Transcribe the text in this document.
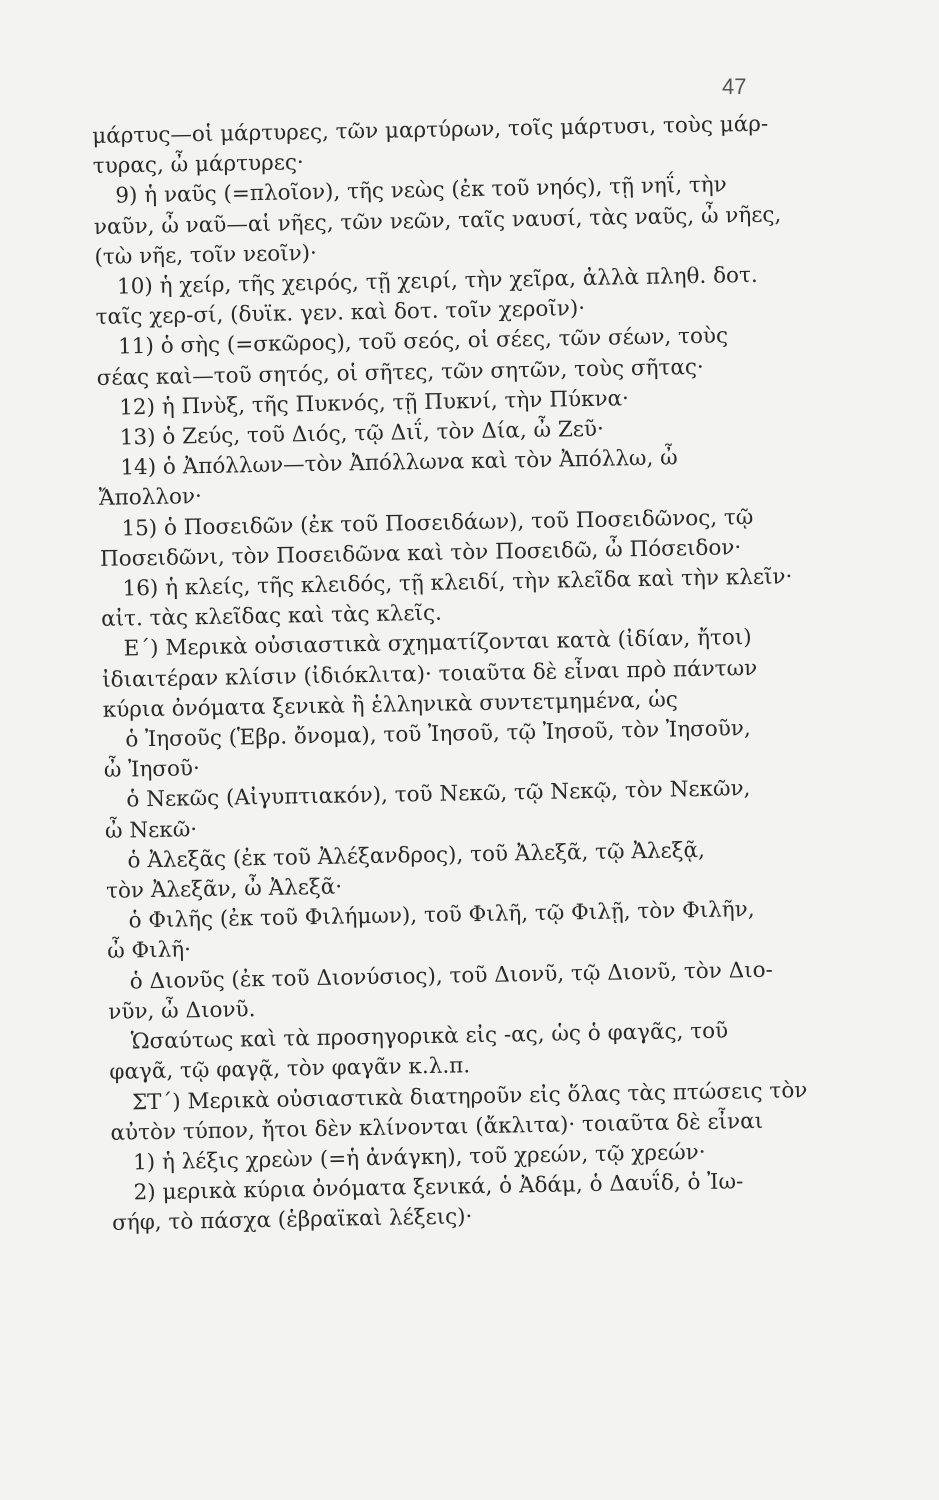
47
μάρτυς—οἱ μάρτυρες, τῶν μαρτύρων, τοῖς μάρτυσι, τοὺς μάρ-
τυρας, ὦ μάρτυρες·
9) ἡ ναῦς (=πλοῖον), τῆς νεὼς (ἐκ τοῦ νηός), τῇ νηΐ, τὴν
ναῦν, ὦ ναῦ—αἱ νῆες, τῶν νεῶν, ταῖς ναυσί, τὰς ναῦς, ὦ νῆες,
(τὼ νῆε, τοῖν νεοῖν)·
10) ἡ χείρ, τῆς χειρός, τῇ χειρί, τὴν χεῖρα, ἀλλὰ πληθ. δοτ.
ταῖς χερ-σί, (δυϊκ. γεν. καὶ δοτ. τοῖν χεροῖν)·
11) ὁ σὴς (=σκῶρος), τοῦ σεός, οἱ σέες, τῶν σέων, τοὺς
σέας καὶ—τοῦ σητός, οἱ σῆτες, τῶν σητῶν, τοὺς σῆτας·
12) ἡ Πνὺξ, τῆς Πυκνός, τῇ Πυκνί, τὴν Πύκνα·
13) ὁ Ζεύς, τοῦ Διός, τῷ Διΐ, τὸν Δία, ὦ Ζεῦ·
14) ὁ Ἀπόλλων—τὸν Ἀπόλλωνα καὶ τὸν Ἀπόλλω, ὦ
Ἄπολλον·
15) ὁ Ποσειδῶν (ἐκ τοῦ Ποσειδάων), τοῦ Ποσειδῶνος, τῷ
Ποσειδῶνι, τὸν Ποσειδῶνα καὶ τὸν Ποσειδῶ, ὦ Πόσειδον·
16) ἡ κλείς, τῆς κλειδός, τῇ κλειδί, τὴν κλεῖδα καὶ τὴν κλεῖν·
αἰτ. τὰς κλεῖδας καὶ τὰς κλεῖς.
Ε΄) Μερικὰ οὐσιαστικὰ σχηματίζονται κατὰ (ἰδίαν, ἤτοι)
ἰδιαιτέραν κλίσιν (ἰδιόκλιτα)· τοιαῦτα δὲ εἶναι πρὸ πάντων
κύρια ὀνόματα ξενικὰ ἢ ἑλληνικὰ συντετμημένα, ὡς
ὁ Ἰησοῦς (Ἑβρ. ὄνομα), τοῦ Ἰησοῦ, τῷ Ἰησοῦ, τὸν Ἰησοῦν,
ὦ Ἰησοῦ·
ὁ Νεκῶς (Αἰγυπτιακόν), τοῦ Νεκῶ, τῷ Νεκῷ, τὸν Νεκῶν,
ὦ Νεκῶ·
ὁ Ἀλεξᾶς (ἐκ τοῦ Ἀλέξανδρος), τοῦ Ἀλεξᾶ, τῷ Ἀλεξᾷ,
τὸν Ἀλεξᾶν, ὦ Ἀλεξᾶ·
ὁ Φιλῆς (ἐκ τοῦ Φιλήμων), τοῦ Φιλῆ, τῷ Φιλῇ, τὸν Φιλῆν,
ὦ Φιλῆ·
ὁ Διονῦς (ἐκ τοῦ Διονύσιος), τοῦ Διονῦ, τῷ Διονῦ, τὸν Διο-
νῦν, ὦ Διονῦ.
Ὡσαύτως καὶ τὰ προσηγορικὰ εἰς -ας, ὡς ὁ φαγᾶς, τοῦ
φαγᾶ, τῷ φαγᾷ, τὸν φαγᾶν κ.λ.π.
ΣΤ΄) Μερικὰ οὐσιαστικὰ διατηροῦν εἰς ὅλας τὰς πτώσεις τὸν
αὐτὸν τύπον, ἤτοι δὲν κλίνονται (ἄκλιτα)· τοιαῦτα δὲ εἶναι
1) ἡ λέξις χρεὼν (=ἡ ἀνάγκη), τοῦ χρεών, τῷ χρεών·
2) μερικὰ κύρια ὀνόματα ξενικά, ὁ Ἀδάμ, ὁ Δαυΐδ, ὁ Ἰω-
σήφ, τὸ πάσχα (ἑβραϊκαὶ λέξεις)·
